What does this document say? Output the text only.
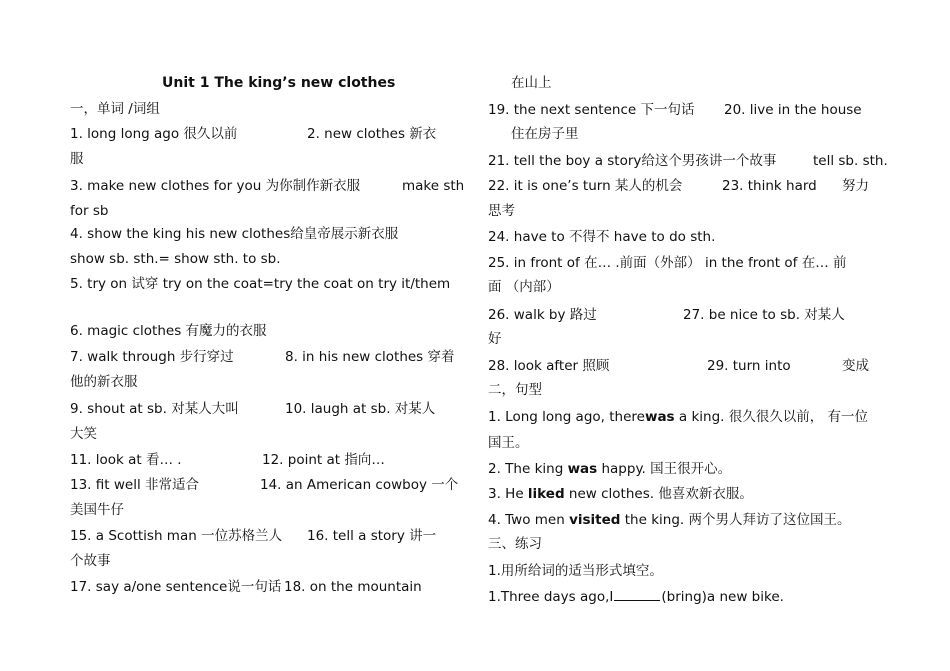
Unit 1 The king’s new clothes
一，单词 /词组
1. long long ago 很久以前	2. new clothes 新衣
服
3. make new clothes for you 为你制作新衣服	make sth
for sb
4. show the king his new clothes给皇帝展示新衣服
show sb. sth.= show sth. to sb.
5. try on 试穿 try on the coat=try the coat on try it/them
6. magic clothes 有魔力的衣服
7. walk through 步行穿过	8. in his new clothes 穿着
他的新衣服
9. shout at sb. 对某人大叫	10. laugh at sb. 对某人
大笑
11. look at 看… .	12. point at 指向…
13. fit well 非常适合	14. an American cowboy 一个
美国牛仔
15. a Scottish man 一位苏格兰人 16. tell a story 讲一
个故事
17. say a/one sentence说一句话 18. on the mountain
在山上
19. the next sentence 下一句话 20. live in the house
住在房子里
21. tell the boy a story给这个男孩讲一个故事	tell sb. sth.
22. it is one’s turn 某人的机会	23. think hard 努力
思考
24. have to 不得不 have to do sth.
25. in front of 在… .前面（外部） in the front of 在… 前
面 （内部）
26. walk by 路过	27. be nice to sb. 对某人
好
28. look after 照顾	29. turn into	变成
二，句型
国王。
三、练习
1.用所给词的适当形式填空。
1. Long long ago, therewas a king. 很久很久以前， 有一位
2. The king was happy. 国王很开心。
3. He liked new clothes. 他喜欢新衣服。
4. Two men visited the king. 两个男人拜访了这位国王。
1.Three days ago,I	(bring)a new bike.
